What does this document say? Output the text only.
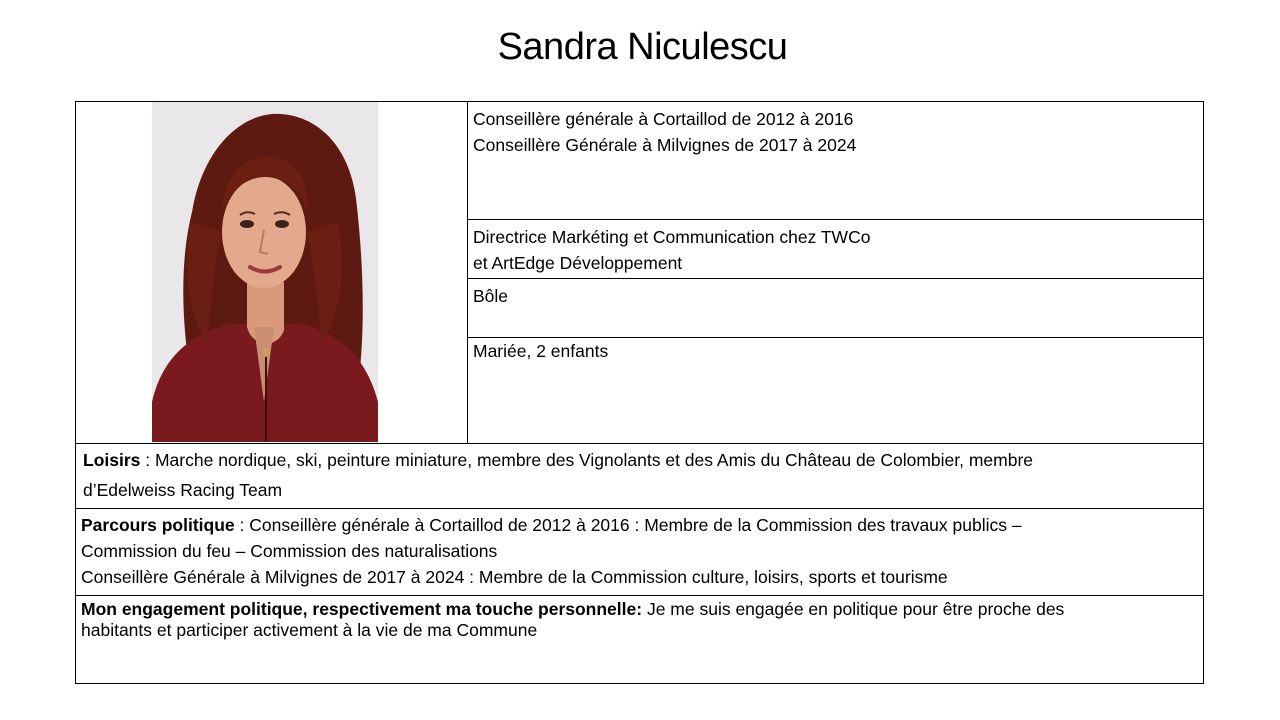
Sandra Niculescu
Conseillère générale à Cortaillod de 2012 à 2016
Conseillère Générale à Milvignes de 2017 à 2024
Directrice Markéting et Communication chez TWCo
et ArtEdge Développement
Bôle
Mariée, 2 enfants
Loisirs : Marche nordique, ski, peinture miniature, membre des Vignolants et des Amis du Château de Colombier, membre
d’Edelweiss Racing Team
Parcours politique : Conseillère générale à Cortaillod de 2012 à 2016 : Membre de la Commission des travaux publics –
Commission du feu – Commission des naturalisations
Conseillère Générale à Milvignes de 2017 à 2024 : Membre de la Commission culture, loisirs, sports et tourisme
Mon engagement politique, respectivement ma touche personnelle: Je me suis engagée en politique pour être proche des
habitants et participer activement à la vie de ma Commune
